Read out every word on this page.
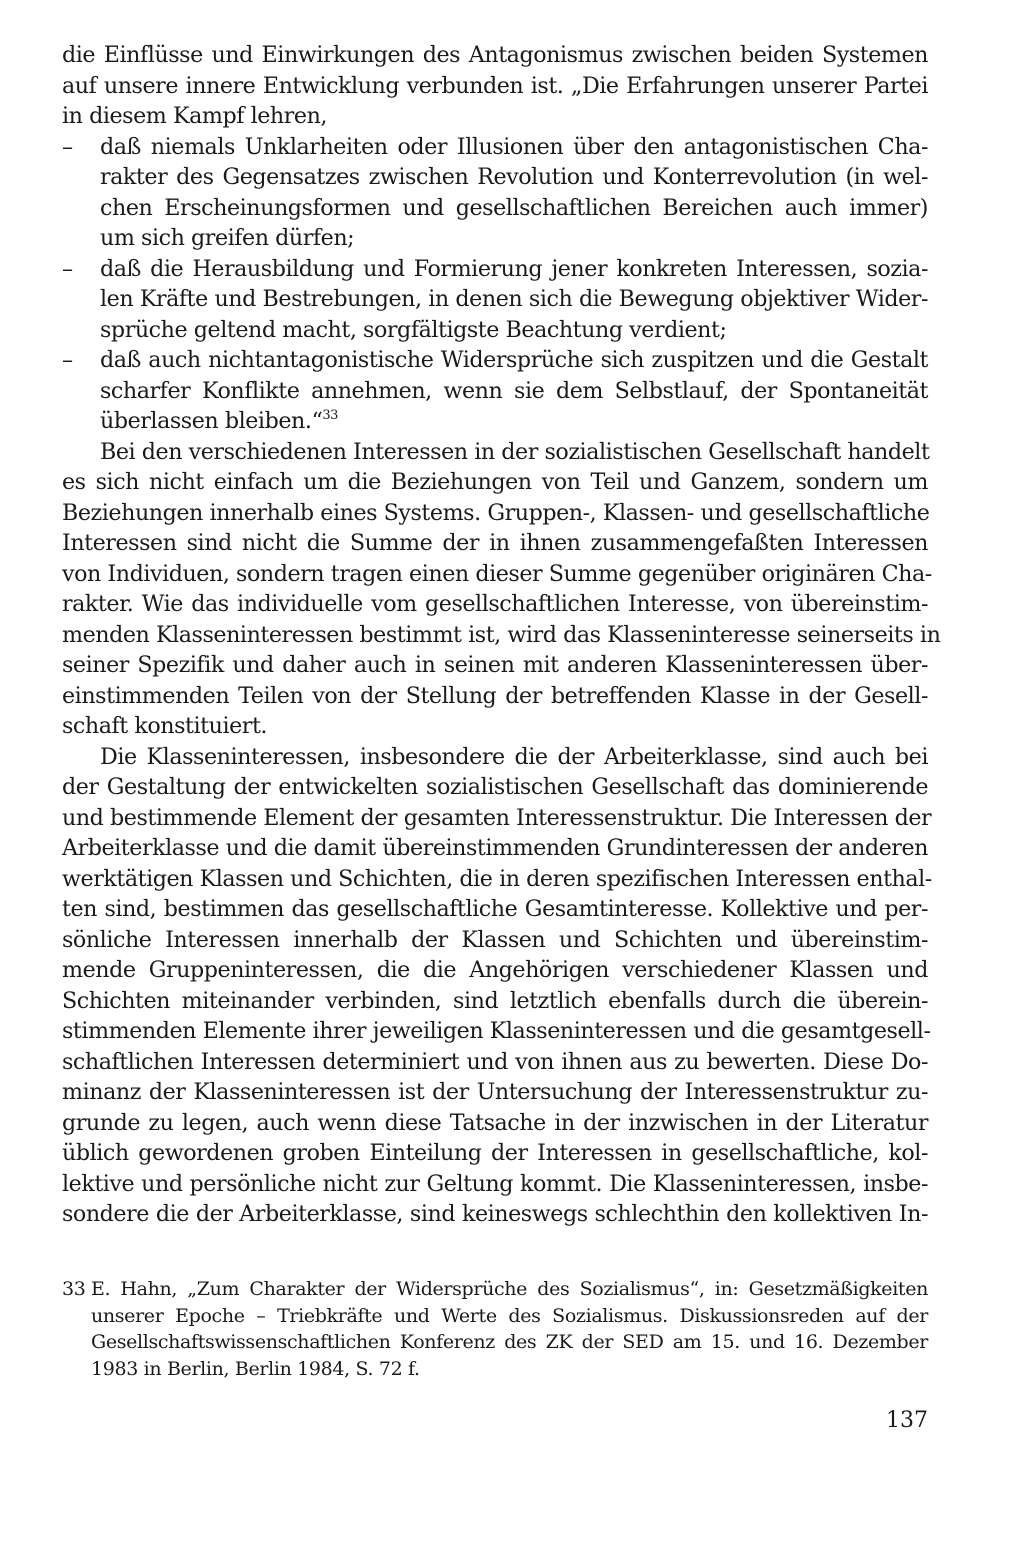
die Einflüsse und Einwirkungen des Antagonismus zwischen beiden Systemen
auf unsere innere Entwicklung verbunden ist. „Die Erfahrungen unserer Partei
in diesem Kampf lehren,
– daß niemals Unklarheiten oder Illusionen über den antagonistischen Cha-
rakter des Gegensatzes zwischen Revolution und Konterrevolution (in wel-
chen Erscheinungsformen und gesellschaftlichen Bereichen auch immer)
um sich greifen dürfen;
– daß die Herausbildung und Formierung jener konkreten Interessen, sozia-
len Kräfte und Bestrebungen, in denen sich die Bewegung objektiver Wider-
sprüche geltend macht, sorgfältigste Beachtung verdient;
– daß auch nichtantagonistische Widersprüche sich zuspitzen und die Gestalt
scharfer Konflikte annehmen, wenn sie dem Selbstlauf, der Spontaneität
überlassen bleiben.“$^{33}$
Bei den verschiedenen Interessen in der sozialistischen Gesellschaft handelt
es sich nicht einfach um die Beziehungen von Teil und Ganzem, sondern um
Beziehungen innerhalb eines Systems. Gruppen-, Klassen- und gesellschaftliche
Interessen sind nicht die Summe der in ihnen zusammengefaßten Interessen
von Individuen, sondern tragen einen dieser Summe gegenüber originären Cha-
rakter. Wie das individuelle vom gesellschaftlichen Interesse, von übereinstim-
menden Klasseninteressen bestimmt ist, wird das Klasseninteresse seinerseits in
seiner Spezifik und daher auch in seinen mit anderen Klasseninteressen über-
einstimmenden Teilen von der Stellung der betreffenden Klasse in der Gesell-
schaft konstituiert.
Die Klasseninteressen, insbesondere die der Arbeiterklasse, sind auch bei
der Gestaltung der entwickelten sozialistischen Gesellschaft das dominierende
und bestimmende Element der gesamten Interessenstruktur. Die Interessen der
Arbeiterklasse und die damit übereinstimmenden Grundinteressen der anderen
werktätigen Klassen und Schichten, die in deren spezifischen Interessen enthal-
ten sind, bestimmen das gesellschaftliche Gesamtinteresse. Kollektive und per-
sönliche Interessen innerhalb der Klassen und Schichten und übereinstim-
mende Gruppeninteressen, die die Angehörigen verschiedener Klassen und
Schichten miteinander verbinden, sind letztlich ebenfalls durch die überein-
stimmenden Elemente ihrer jeweiligen Klasseninteressen und die gesamtgesell-
schaftlichen Interessen determiniert und von ihnen aus zu bewerten. Diese Do-
minanz der Klasseninteressen ist der Untersuchung der Interessenstruktur zu-
grunde zu legen, auch wenn diese Tatsache in der inzwischen in der Literatur
üblich gewordenen groben Einteilung der Interessen in gesellschaftliche, kol-
lektive und persönliche nicht zur Geltung kommt. Die Klasseninteressen, insbe-
sondere die der Arbeiterklasse, sind keineswegs schlechthin den kollektiven In-
33 E. Hahn, „Zum Charakter der Widersprüche des Sozialismus“, in: Gesetzmäßigkeiten
unserer Epoche – Triebkräfte und Werte des Sozialismus. Diskussionsreden auf der
Gesellschaftswissenschaftlichen Konferenz des ZK der SED am 15. und 16. Dezember
1983 in Berlin, Berlin 1984, S. 72 f.
137
